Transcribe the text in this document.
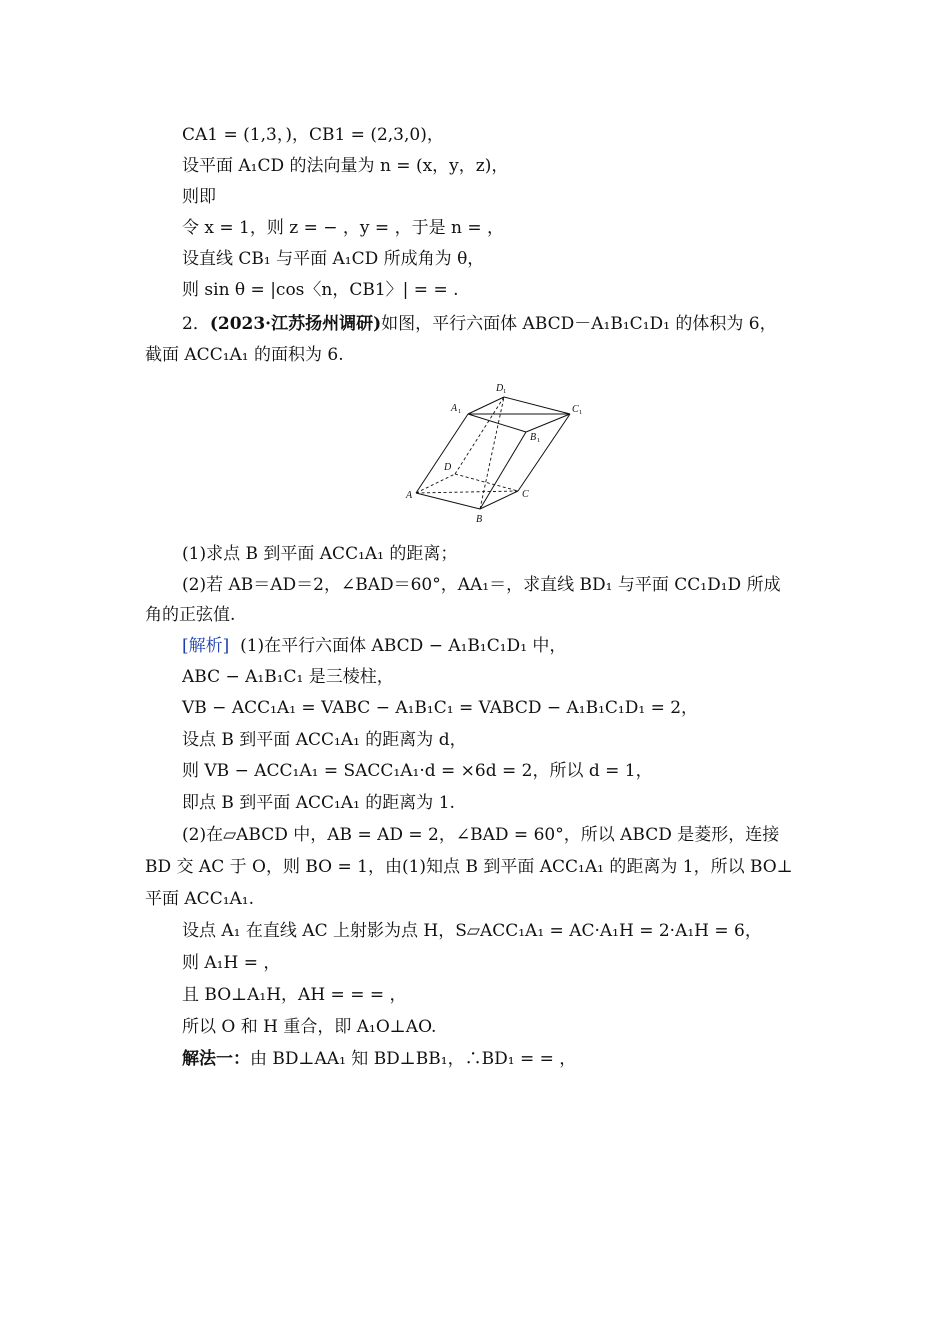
CA1 = (1,3，)，CB1 = (2,3,0)，
设平面 A₁CD 的法向量为 n = (x，y，z)，
则即
令 x = 1，则 z = − ，y = ，于是 n = ，
设直线 CB₁ 与平面 A₁CD 所成角为 θ，
则 sin θ = |cos〈n，CB1〉| = = .
2．(2023·江苏扬州调研)如图，平行六面体 ABCD－A₁B₁C₁D₁ 的体积为 6，
截面 ACC₁A₁ 的面积为 6.
A
B
C
D
A 1
B 1
C 1
D 1
(1)求点 B 到平面 ACC₁A₁ 的距离；
(2)若 AB＝AD＝2，∠BAD＝60°，AA₁＝，求直线 BD₁ 与平面 CC₁D₁D 所成
角的正弦值.
[解析] (1)在平行六面体 ABCD − A₁B₁C₁D₁ 中，
ABC − A₁B₁C₁ 是三棱柱，
VB − ACC₁A₁ = VABC − A₁B₁C₁ = VABCD − A₁B₁C₁D₁ = 2，
设点 B 到平面 ACC₁A₁ 的距离为 d，
则 VB − ACC₁A₁ = SACC₁A₁·d = ×6d = 2，所以 d = 1，
即点 B 到平面 ACC₁A₁ 的距离为 1.
(2)在▱ABCD 中，AB = AD = 2，∠BAD = 60°，所以 ABCD 是菱形，连接
BD 交 AC 于 O，则 BO = 1，由(1)知点 B 到平面 ACC₁A₁ 的距离为 1，所以 BO⊥
平面 ACC₁A₁.
设点 A₁ 在直线 AC 上射影为点 H，S▱ACC₁A₁ = AC·A₁H = 2·A₁H = 6，
则 A₁H = ，
且 BO⊥A₁H，AH = = = ，
所以 O 和 H 重合，即 A₁O⊥AO.
解法一：由 BD⊥AA₁ 知 BD⊥BB₁，∴BD₁ = = ，
